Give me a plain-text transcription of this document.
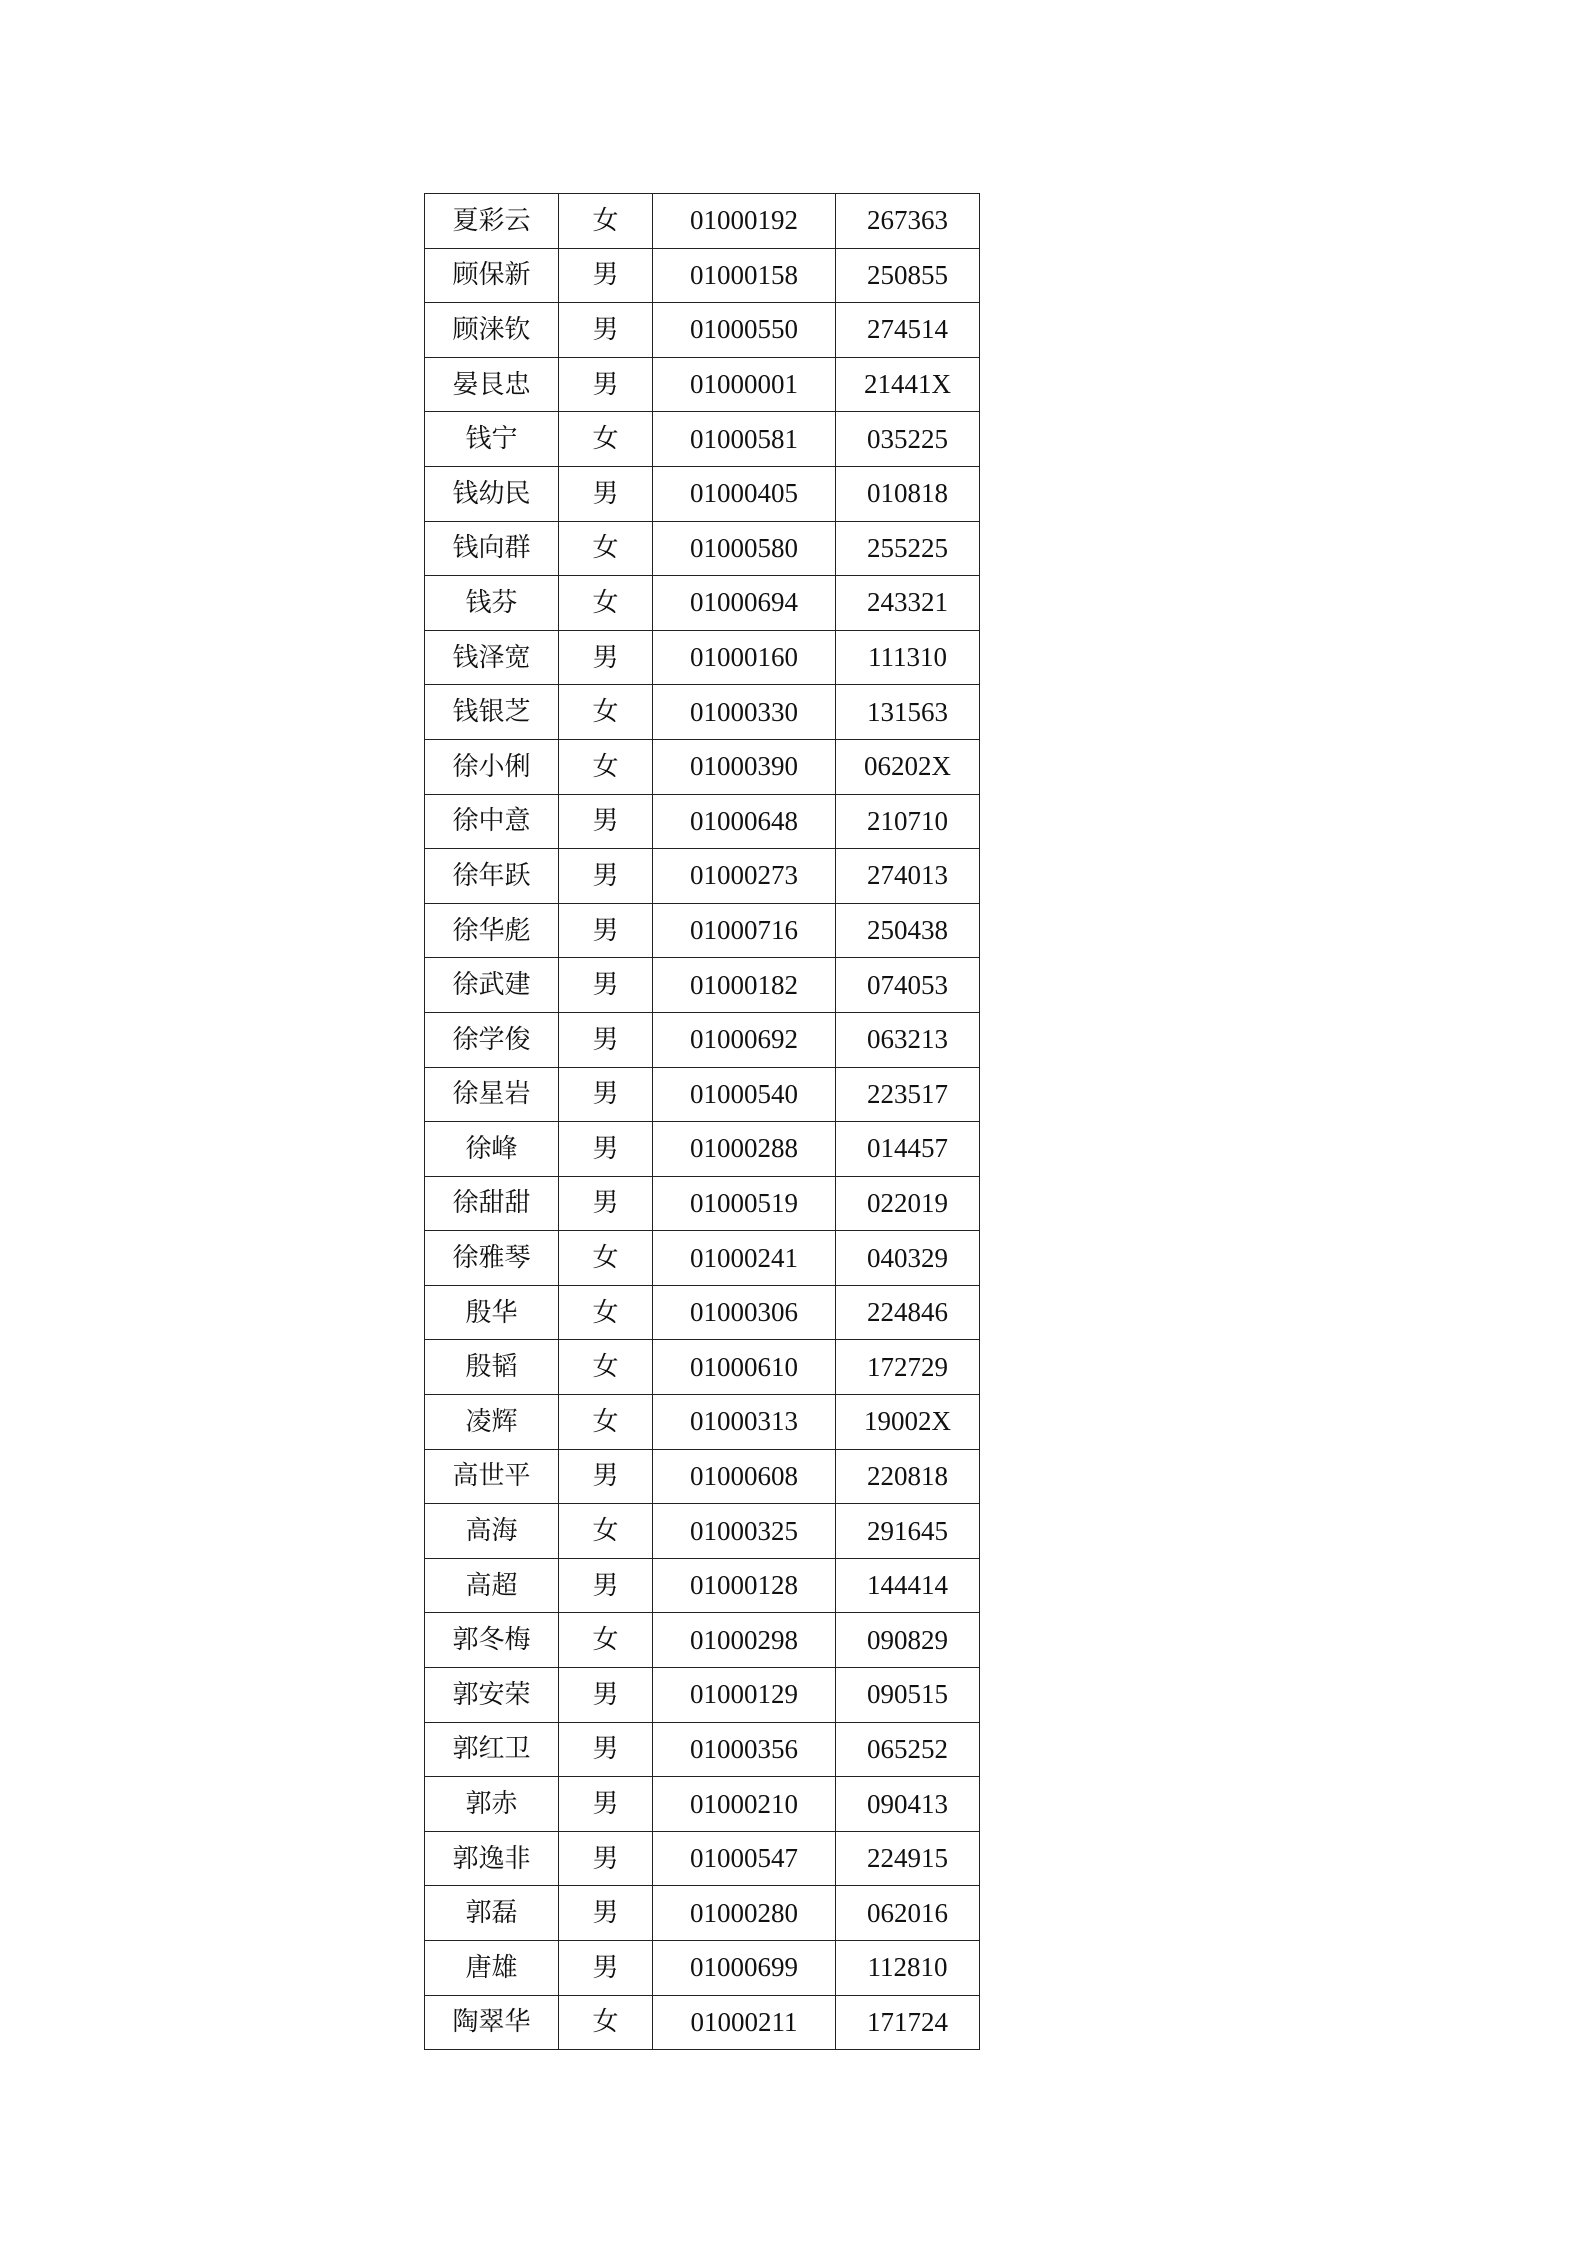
夏彩云	女	01000192	267363
顾保新	男	01000158	250855
顾涞钦	男	01000550	274514
晏艮忠	男	01000001	21441X
钱宁	女	01000581	035225
钱幼民	男	01000405	010818
钱向群	女	01000580	255225
钱芬	女	01000694	243321
钱泽宽	男	01000160	111310
钱银芝	女	01000330	131563
徐小俐	女	01000390	06202X
徐中意	男	01000648	210710
徐年跃	男	01000273	274013
徐华彪	男	01000716	250438
徐武建	男	01000182	074053
徐学俊	男	01000692	063213
徐星岩	男	01000540	223517
徐峰	男	01000288	014457
徐甜甜	男	01000519	022019
徐雅琴	女	01000241	040329
殷华	女	01000306	224846
殷韬	女	01000610	172729
凌辉	女	01000313	19002X
高世平	男	01000608	220818
高海	女	01000325	291645
高超	男	01000128	144414
郭冬梅	女	01000298	090829
郭安荣	男	01000129	090515
郭红卫	男	01000356	065252
郭赤	男	01000210	090413
郭逸非	男	01000547	224915
郭磊	男	01000280	062016
唐雄	男	01000699	112810
陶翠华	女	01000211	171724
